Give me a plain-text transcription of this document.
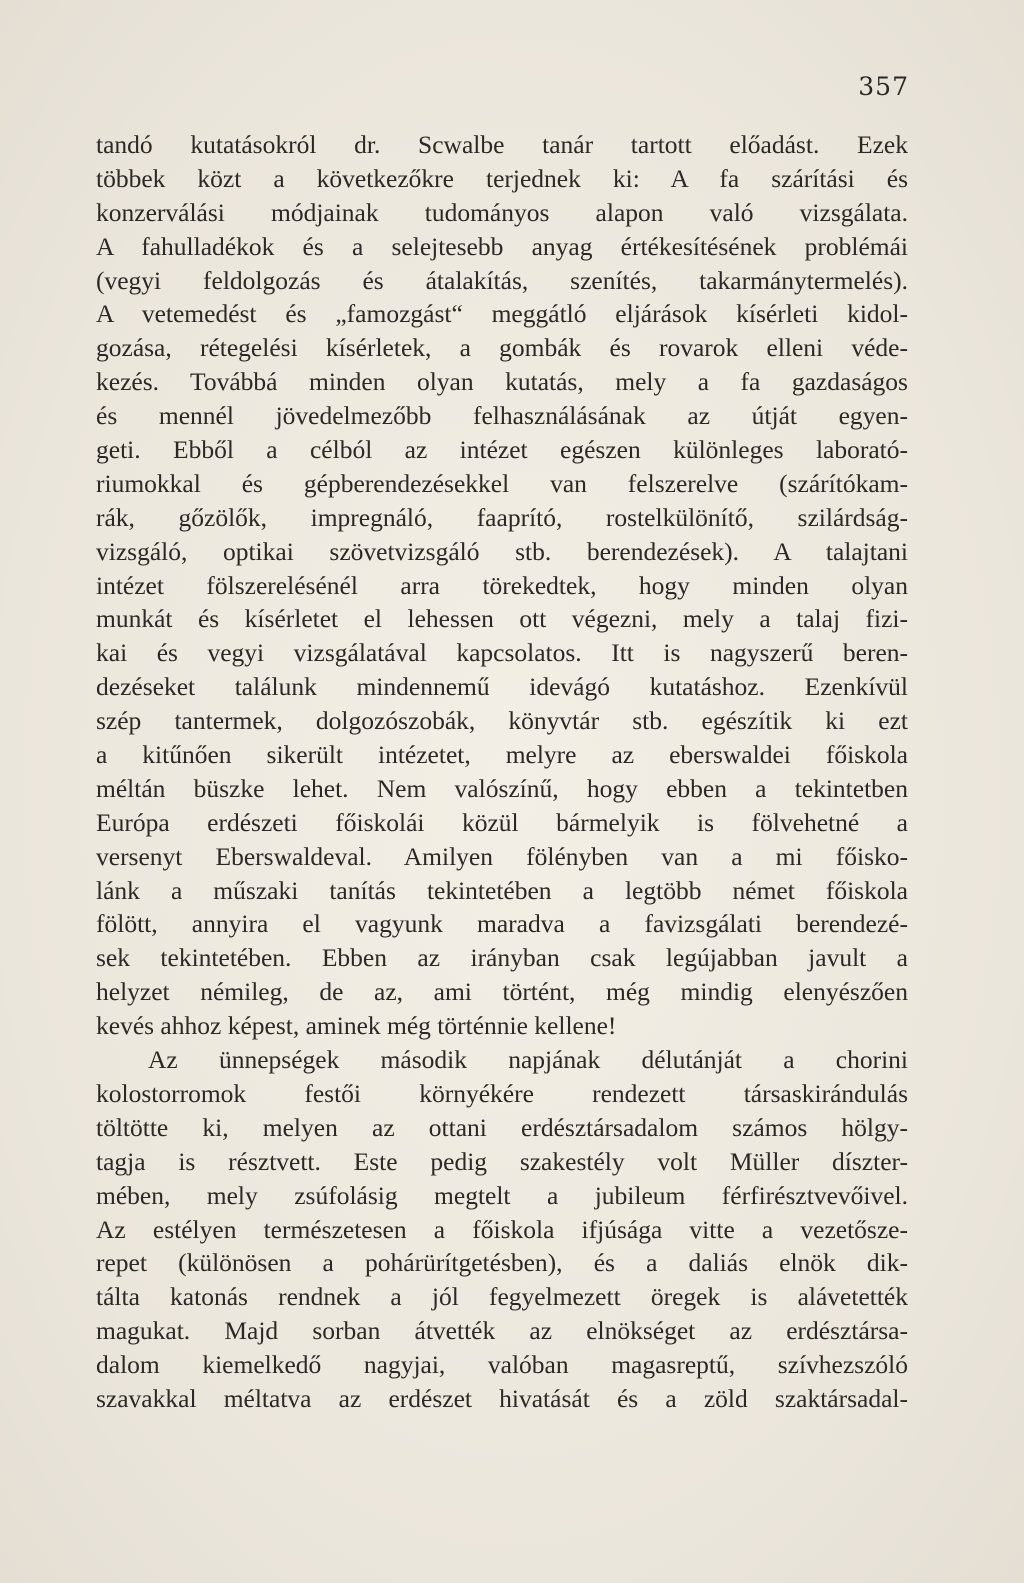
357
tandó kutatásokról dr. Scwalbe tanár tartott előadást. Ezek
többek közt a következőkre terjednek ki: A fa szárítási és
konzerválási módjainak tudományos alapon való vizsgálata.
A fahulladékok és a selejtesebb anyag értékesítésének problémái
(vegyi feldolgozás és átalakítás, szenítés, takarmánytermelés).
A vetemedést és „famozgást“ meggátló eljárások kísérleti kidol-
gozása, rétegelési kísérletek, a gombák és rovarok elleni véde-
kezés. Továbbá minden olyan kutatás, mely a fa gazdaságos
és mennél jövedelmezőbb felhasználásának az útját egyen-
geti. Ebből a célból az intézet egészen különleges laborató-
riumokkal és gépberendezésekkel van felszerelve (szárítókam-
rák, gőzölők, impregnáló, faaprító, rostelkülönítő, szilárdság-
vizsgáló, optikai szövetvizsgáló stb. berendezések). A talajtani
intézet fölszerelésénél arra törekedtek, hogy minden olyan
munkát és kísérletet el lehessen ott végezni, mely a talaj fizi-
kai és vegyi vizsgálatával kapcsolatos. Itt is nagyszerű beren-
dezéseket találunk mindennemű idevágó kutatáshoz. Ezenkívül
szép tantermek, dolgozószobák, könyvtár stb. egészítik ki ezt
a kitűnően sikerült intézetet, melyre az eberswaldei főiskola
méltán büszke lehet. Nem valószínű, hogy ebben a tekintetben
Európa erdészeti főiskolái közül bármelyik is fölvehetné a
versenyt Eberswaldeval. Amilyen fölényben van a mi főisko-
lánk a műszaki tanítás tekintetében a legtöbb német főiskola
fölött, annyira el vagyunk maradva a favizsgálati berendezé-
sek tekintetében. Ebben az irányban csak legújabban javult a
helyzet némileg, de az, ami történt, még mindig elenyészően
kevés ahhoz képest, aminek még történnie kellene!
Az ünnepségek második napjának délutánját a chorini
kolostorromok festői környékére rendezett társaskirándulás
töltötte ki, melyen az ottani erdésztársadalom számos hölgy-
tagja is résztvett. Este pedig szakestély volt Müller díszter-
mében, mely zsúfolásig megtelt a jubileum férfirésztvevőivel.
Az estélyen természetesen a főiskola ifjúsága vitte a vezetősze-
repet (különösen a pohárürítgetésben), és a daliás elnök dik-
tálta katonás rendnek a jól fegyelmezett öregek is alávetették
magukat. Majd sorban átvették az elnökséget az erdésztársa-
dalom kiemelkedő nagyjai, valóban magasreptű, szívhezszóló
szavakkal méltatva az erdészet hivatását és a zöld szaktársadal-
